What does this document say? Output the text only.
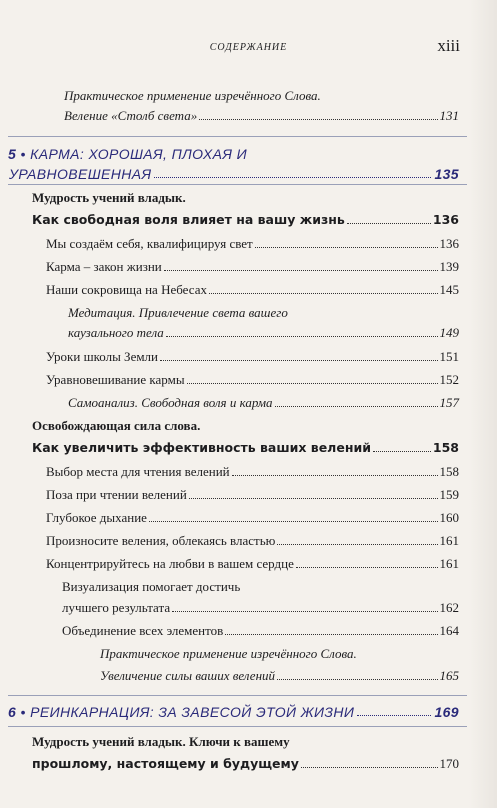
СОДЕРЖАНИЕ	xiii
Практическое применение изречённого Слова.
Веление «Столб света»	131
5
•
КАРМА: ХОРОШАЯ, ПЛОХАЯ И
УРАВНОВЕШЕННАЯ	135
Мудрость учений владык.
Как свободная воля влияет на вашу жизнь	136
Мы создаём себя, квалифицируя свет	136
Карма – закон жизни	139
Наши сокровища на Небесах	145
Медитация. Привлечение света вашего
каузального тела	149
Уроки школы Земли	151
Уравновешивание кармы	152
Самоанализ. Свободная воля и карма	157
Освобождающая сила слова.
Как увеличить эффективность ваших велений	158
Выбор места для чтения велений	158
Поза при чтении велений	159
Глубокое дыхание	160
Произносите веления, облекаясь властью	161
Концентрируйтесь на любви в вашем сердце	161
Визуализация помогает достичь
лучшего результата	162
Объединение всех элементов	164
Практическое применение изречённого Слова.
Увеличение силы ваших велений	165
6
•
РЕИНКАРНАЦИЯ: ЗА ЗАВЕСОЙ ЭТОЙ ЖИЗНИ	169
Мудрость учений владык. Ключи к вашему
прошлому, настоящему и будущему	170
